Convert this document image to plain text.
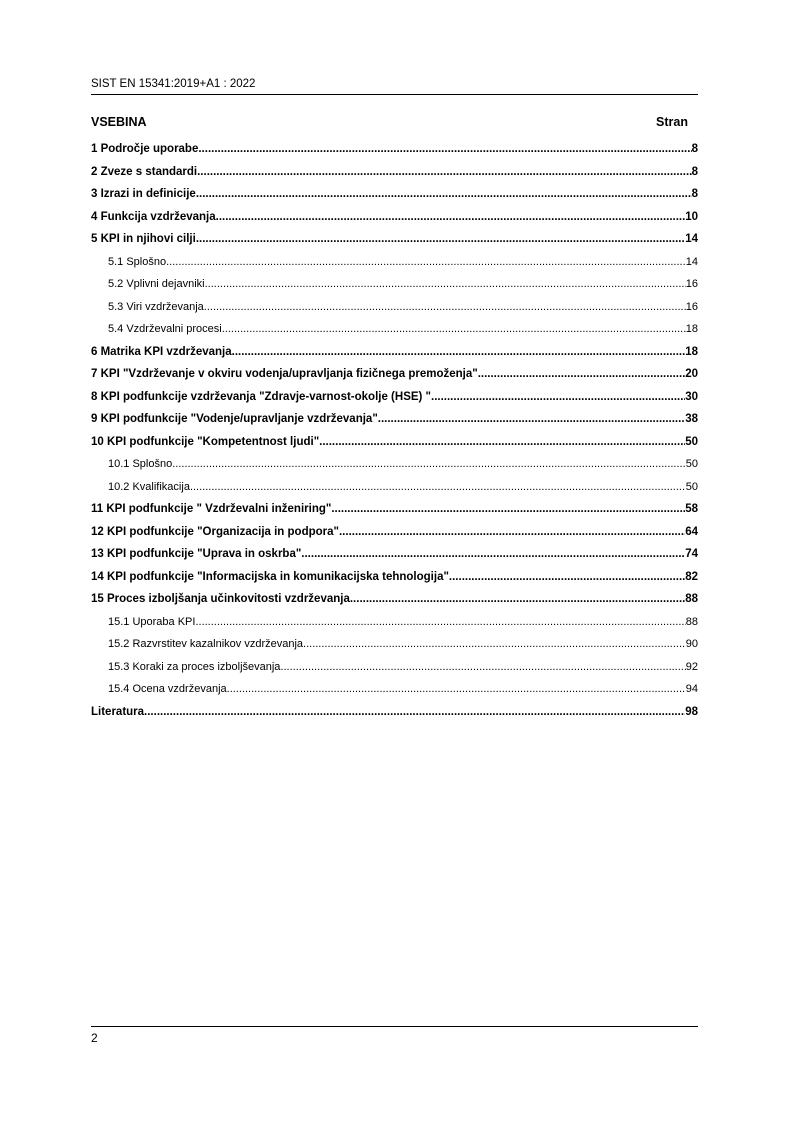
SIST EN 15341:2019+A1 : 2022
VSEBINA	Stran
1 Področje uporabe .....	8
2 Zveze s standardi .....	8
3 Izrazi in definicije .....	8
4 Funkcija vzdrževanja .....	10
5 KPI in njihovi cilji .....	14
5.1 Splošno .....	14
5.2 Vplivni dejavniki .....	16
5.3 Viri vzdrževanja .....	16
5.4 Vzdrževalni procesi .....	18
6 Matrika KPI vzdrževanja .....	18
7 KPI "Vzdrževanje v okviru vodenja/upravljanja fizičnega premoženja" .....	20
8 KPI podfunkcije vzdrževanja "Zdravje-varnost-okolje (HSE) " .....	30
9 KPI podfunkcije "Vodenje/upravljanje vzdrževanja" .....	38
10 KPI podfunkcije "Kompetentnost ljudi" .....	50
10.1 Splošno .....	50
10.2 Kvalifikacija .....	50
11 KPI podfunkcije " Vzdrževalni inženiring" .....	58
12 KPI podfunkcije "Organizacija in podpora" .....	64
13 KPI podfunkcije "Uprava in oskrba" .....	74
14 KPI podfunkcije "Informacijska in komunikacijska tehnologija" .....	82
15 Proces izboljšanja učinkovitosti vzdrževanja .....	88
15.1 Uporaba KPI .....	88
15.2 Razvrstitev kazalnikov vzdrževanja .....	90
15.3 Koraki za proces izboljševanja .....	92
15.4 Ocena vzdrževanja .....	94
Literatura .....	98
2
